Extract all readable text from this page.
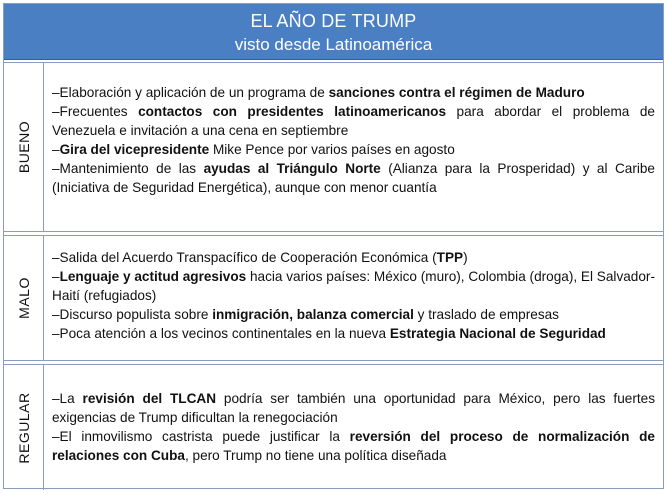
EL AÑO DE TRUMP
visto desde Latinoamérica
BUENO

–Elaboración y aplicación de un programa de sanciones contra el régimen de Maduro

–Frecuentes contactos con presidentes latinoamericanos para abordar el problema de Venezuela e invitación a una cena en septiembre

–Gira del vicepresidente Mike Pence por varios países en agosto

–Mantenimiento de las ayudas al Triángulo Norte (Alianza para la Prosperidad) y al Caribe (Iniciativa de Seguridad Energética), aunque con menor cuantía

MALO

–Salida del Acuerdo Transpacífico de Cooperación Económica (TPP)

–Lenguaje y actitud agresivos hacia varios países: México (muro), Colombia (droga), El Salvador-Haití (refugiados)

–Discurso populista sobre inmigración, balanza comercial y traslado de empresas

–Poca atención a los vecinos continentales en la nueva Estrategia Nacional de Seguridad

REGULAR –La revisión del TLCAN podría ser también una oportunidad para México, pero las fuertes exigencias de Trump dificultan la renegociación

–El inmovilismo castrista puede justificar la reversión del proceso de normalización de relaciones con Cuba, pero Trump no tiene una política diseñada
